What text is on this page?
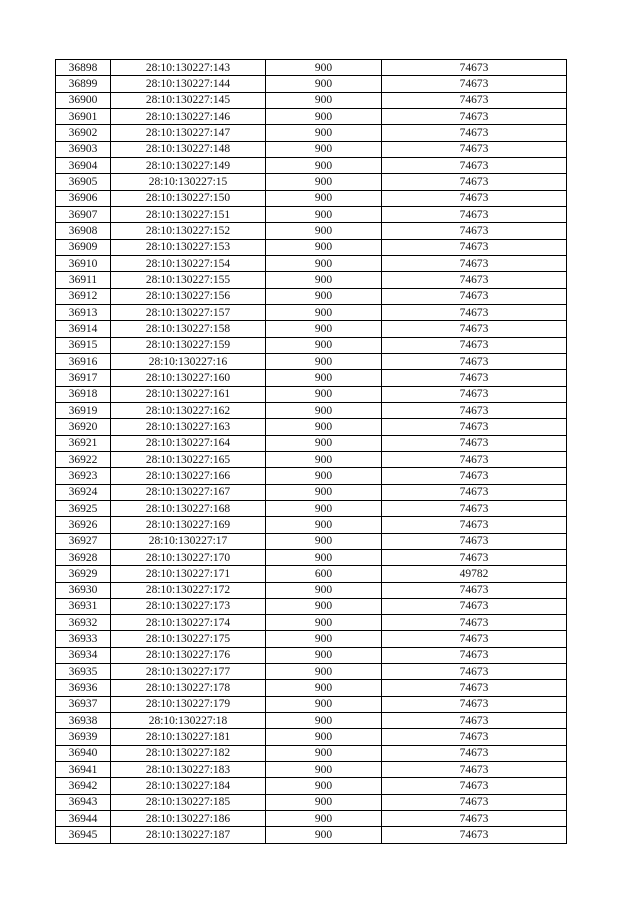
36898	28:10:130227:143	900	74673
36899	28:10:130227:144	900	74673
36900	28:10:130227:145	900	74673
36901	28:10:130227:146	900	74673
36902	28:10:130227:147	900	74673
36903	28:10:130227:148	900	74673
36904	28:10:130227:149	900	74673
36905	28:10:130227:15	900	74673
36906	28:10:130227:150	900	74673
36907	28:10:130227:151	900	74673
36908	28:10:130227:152	900	74673
36909	28:10:130227:153	900	74673
36910	28:10:130227:154	900	74673
36911	28:10:130227:155	900	74673
36912	28:10:130227:156	900	74673
36913	28:10:130227:157	900	74673
36914	28:10:130227:158	900	74673
36915	28:10:130227:159	900	74673
36916	28:10:130227:16	900	74673
36917	28:10:130227:160	900	74673
36918	28:10:130227:161	900	74673
36919	28:10:130227:162	900	74673
36920	28:10:130227:163	900	74673
36921	28:10:130227:164	900	74673
36922	28:10:130227:165	900	74673
36923	28:10:130227:166	900	74673
36924	28:10:130227:167	900	74673
36925	28:10:130227:168	900	74673
36926	28:10:130227:169	900	74673
36927	28:10:130227:17	900	74673
36928	28:10:130227:170	900	74673
36929	28:10:130227:171	600	49782
36930	28:10:130227:172	900	74673
36931	28:10:130227:173	900	74673
36932	28:10:130227:174	900	74673
36933	28:10:130227:175	900	74673
36934	28:10:130227:176	900	74673
36935	28:10:130227:177	900	74673
36936	28:10:130227:178	900	74673
36937	28:10:130227:179	900	74673
36938	28:10:130227:18	900	74673
36939	28:10:130227:181	900	74673
36940	28:10:130227:182	900	74673
36941	28:10:130227:183	900	74673
36942	28:10:130227:184	900	74673
36943	28:10:130227:185	900	74673
36944	28:10:130227:186	900	74673
36945	28:10:130227:187	900	74673
